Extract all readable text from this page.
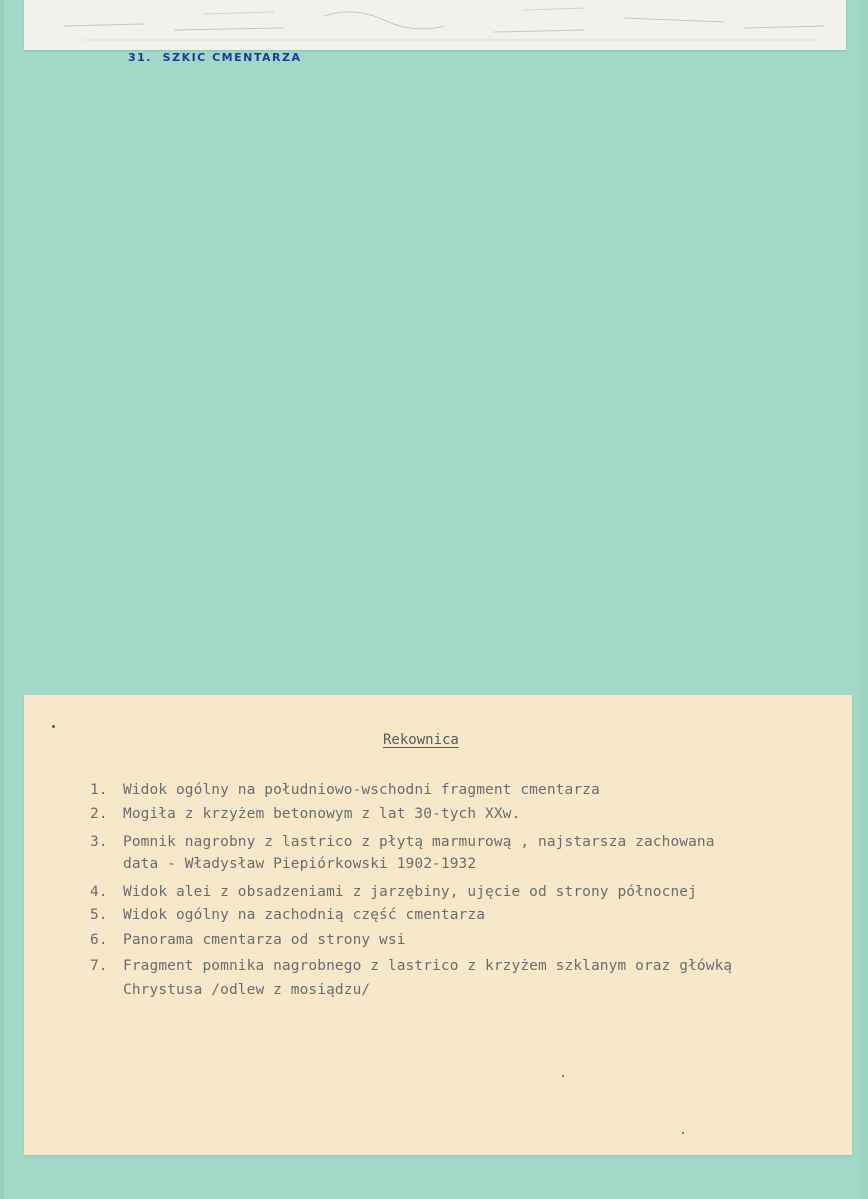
31. SZKIC CMENTARZA
Rekownica
1. Widok ogólny na południowo-wschodni fragment cmentarza
2. Mogiła z krzyżem betonowym z lat 30-tych XXw.
3. Pomnik nagrobny z lastrico z płytą marmurową , najstarsza zachowana
data - Władysław Piepiórkowski 1902-1932
4. Widok alei z obsadzeniami z jarzębiny, ujęcie od strony północnej
5. Widok ogólny na zachodnią część cmentarza
6. Panorama cmentarza od strony wsi
7. Fragment pomnika nagrobnego z lastrico z krzyżem szklanym oraz główką
Chrystusa /odlew z mosiądzu/
